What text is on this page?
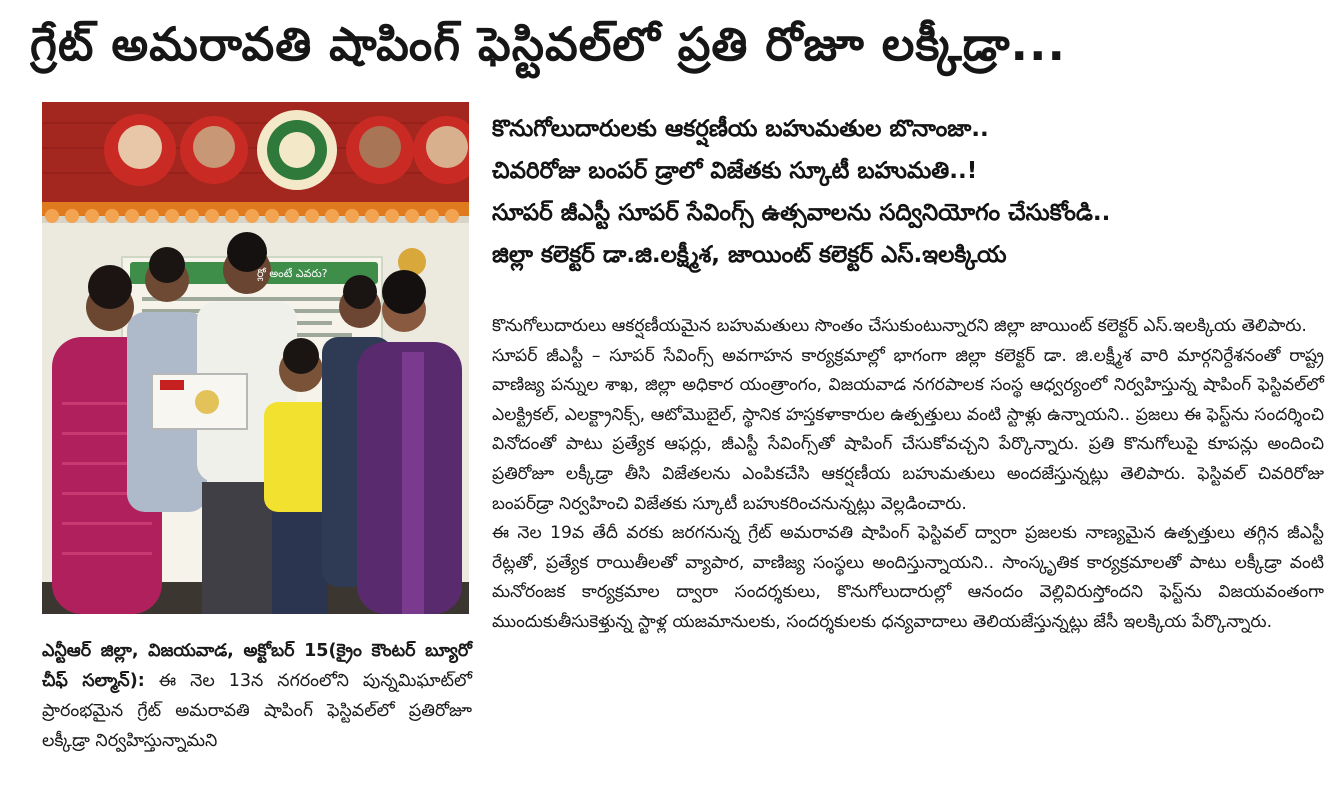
గ్రేట్ అమరావతి షాపింగ్ ఫెస్టివల్‌లో ప్రతి రోజూ లక్కీడ్రా...
ర్లో అంటే ఎవరు?
ఎన్టీఆర్ జిల్లా, విజయవాడ, అక్టోబర్ 15(క్రైం కౌంటర్ బ్యూరో చీఫ్ సల్మాన్): ఈ నెల 13న నగరంలోని పున్నమిఘాట్‌లో ప్రారంభమైన గ్రేట్ అమరావతి షాపింగ్ ఫెస్టివల్‌లో ప్రతిరోజూ లక్కీడ్రా నిర్వహిస్తున్నామని
కొనుగోలుదారులకు ఆకర్షణీయ బహుమతుల బొనాంజా..
చివరిరోజు బంపర్ డ్రాలో విజేతకు స్కూటీ బహుమతి..!
సూపర్ జీఎస్టీ సూపర్ సేవింగ్స్ ఉత్సవాలను సద్వినియోగం చేసుకోండి..
జిల్లా కలెక్టర్ డా.జి.లక్ష్మీశ, జాయింట్ కలెక్టర్ ఎస్.ఇలక్కియ

కొనుగోలుదారులు ఆకర్షణీయమైన బహుమతులు సొంతం చేసుకుంటున్నారని జిల్లా జాయింట్ కలెక్టర్ ఎస్.ఇలక్కియ తెలిపారు.

సూపర్ జీఎస్టీ – సూపర్ సేవింగ్స్ అవగాహన కార్యక్రమాల్లో భాగంగా జిల్లా కలెక్టర్ డా. జి.లక్ష్మీశ వారి మార్గనిర్దేశనంతో రాష్ట్ర వాణిజ్య పన్నుల శాఖ, జిల్లా అధికార యంత్రాంగం, విజయవాడ నగరపాలక సంస్థ ఆధ్వర్యంలో నిర్వహిస్తున్న షాపింగ్ ఫెస్టివల్‌లో ఎలక్ట్రికల్, ఎలక్ట్రానిక్స్, ఆటోమొబైల్, స్థానిక హస్తకళాకారుల ఉత్పత్తులు వంటి స్టాళ్లు ఉన్నాయని.. ప్రజలు ఈ ఫెస్ట్‌ను సందర్శించి వినోదంతో పాటు ప్రత్యేక ఆఫర్లు, జీఎస్టీ సేవింగ్స్‌తో షాపింగ్ చేసుకోవచ్చని పేర్కొన్నారు. ప్రతి కొనుగోలుపై కూపన్లు అందించి ప్రతిరోజూ లక్కీడ్రా తీసి విజేతలను ఎంపికచేసి ఆకర్షణీయ బహుమతులు అందజేస్తున్నట్లు తెలిపారు. ఫెస్టివల్ చివరిరోజు బంపర్‌డ్రా నిర్వహించి విజేతకు స్కూటీ బహుకరించనున్నట్లు వెల్లడించారు.

ఈ నెల 19వ తేదీ వరకు జరగనున్న గ్రేట్ అమరావతి షాపింగ్ ఫెస్టివల్ ద్వారా ప్రజలకు నాణ్యమైన ఉత్పత్తులు తగ్గిన జీఎస్టీ రేట్లతో, ప్రత్యేక రాయితీలతో వ్యాపార, వాణిజ్య సంస్థలు అందిస్తున్నాయని.. సాంస్కృతిక కార్యక్రమాలతో పాటు లక్కీడ్రా వంటి మనోరంజక కార్యక్రమాల ద్వారా సందర్శకులు, కొనుగోలుదారుల్లో ఆనందం వెల్లివిరుస్తోందని ఫెస్ట్‌ను విజయవంతంగా ముందుకుతీసుకెళ్తున్న స్టాళ్ల యజమానులకు, సందర్శకులకు ధన్యవాదాలు తెలియజేస్తున్నట్లు జేసీ ఇలక్కియ పేర్కొన్నారు.
